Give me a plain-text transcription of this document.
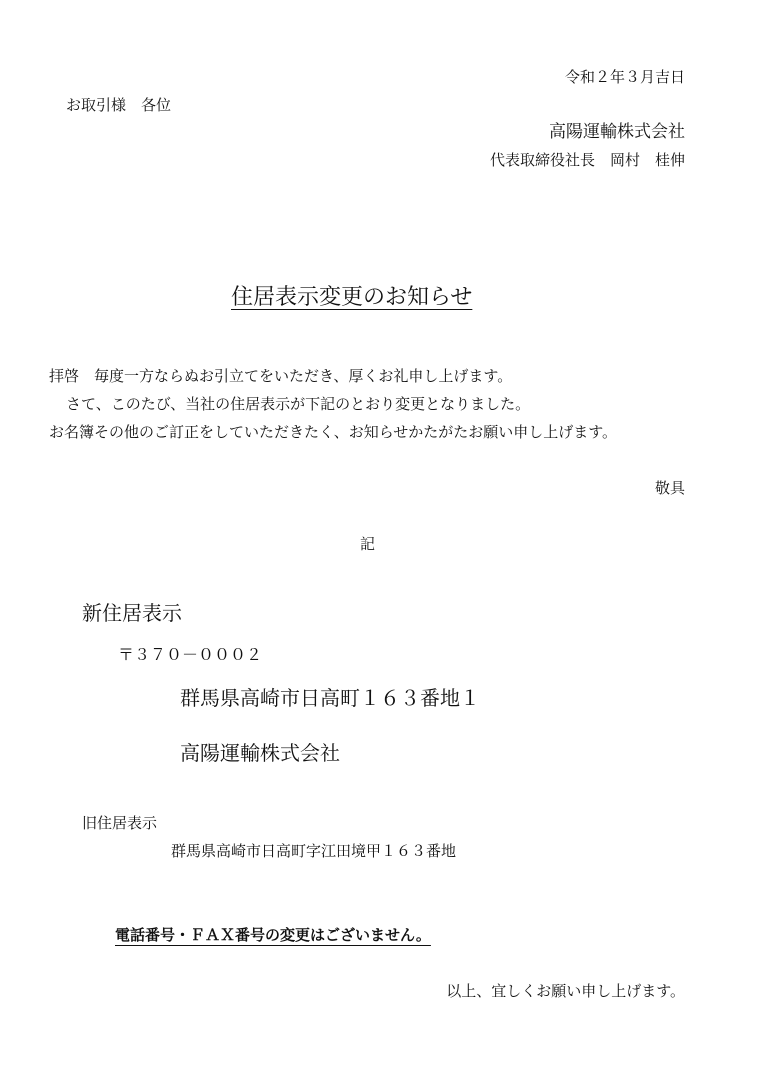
令和２年３月吉日
お取引様　各位
高陽運輸株式会社
代表取締役社長　岡村　桂伸
住居表示変更のお知らせ
拝啓　毎度一方ならぬお引立てをいただき、厚くお礼申し上げます。
さて、このたび、当社の住居表示が下記のとおり変更となりました。
お名簿その他のご訂正をしていただきたく、お知らせかたがたお願い申し上げます。
敬具
記
新住居表示
〒３７０－０００２
群馬県高崎市日高町１６３番地１
高陽運輸株式会社
旧住居表示
群馬県高崎市日高町字江田境甲１６３番地
電話番号・ＦＡＸ番号の変更はございません。
以上、宜しくお願い申し上げます。
